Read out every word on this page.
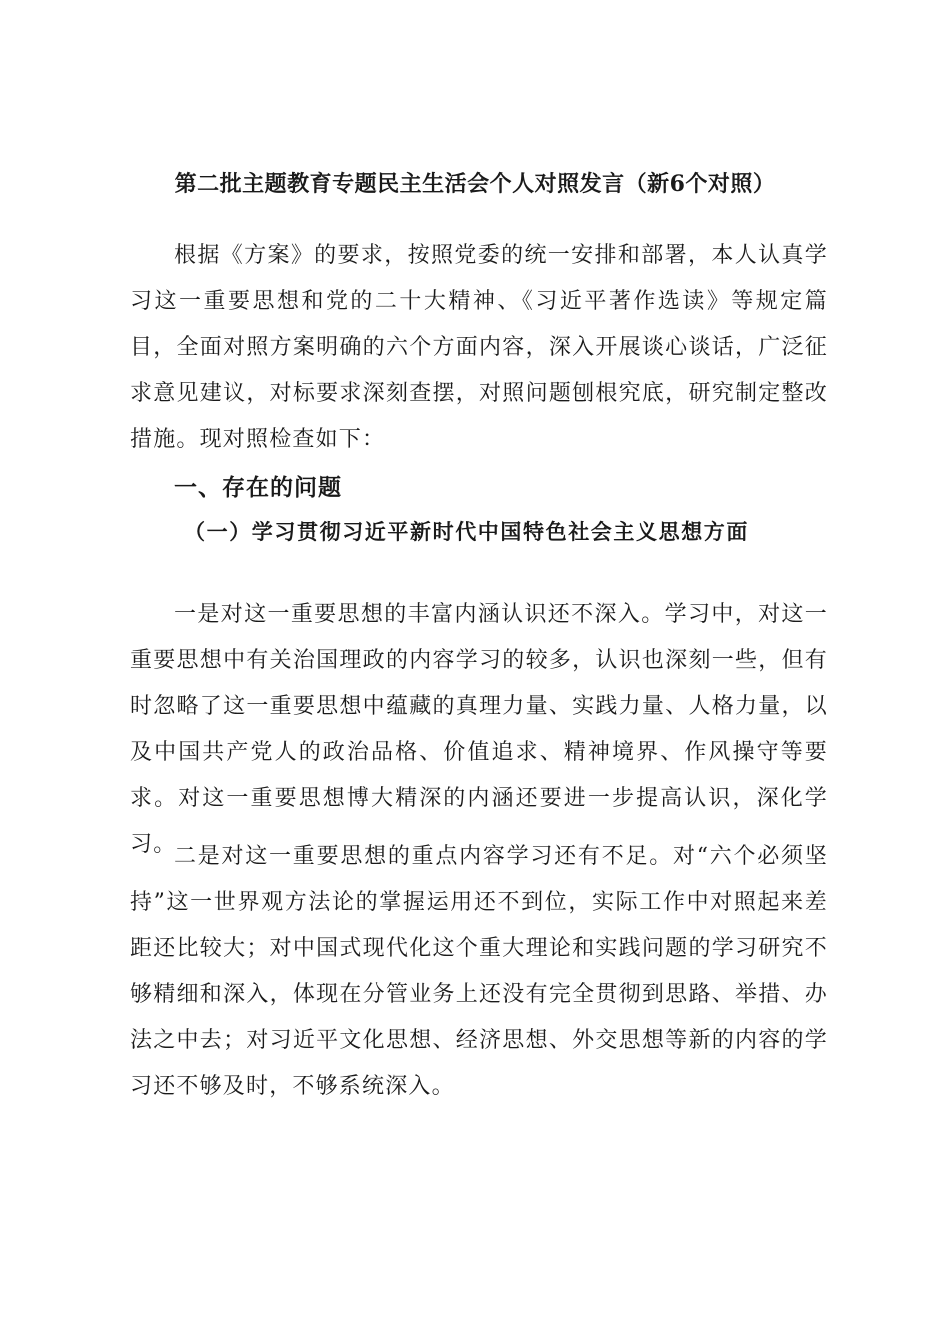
第二批主题教育专题民主生活会个人对照发言（新6个对照）

根据《方案》的要求，按照党委的统一安排和部署，本人认真学习这一重要思想和党的二十大精神、《习近平著作选读》等规定篇目，全面对照方案明确的六个方面内容，深入开展谈心谈话，广泛征求意见建议，对标要求深刻查摆，对照问题刨根究底，研究制定整改措施。现对照检查如下：

一、存在的问题
（一）学习贯彻习近平新时代中国特色社会主义思想方面

一是对这一重要思想的丰富内涵认识还不深入。学习中，对这一重要思想中有关治国理政的内容学习的较多，认识也深刻一些，但有时忽略了这一重要思想中蕴藏的真理力量、实践力量、人格力量，以及中国共产党人的政治品格、价值追求、精神境界、作风操守等要求。对这一重要思想博大精深的内涵还要进一步提高认识，深化学习。

二是对这一重要思想的重点内容学习还有不足。对“六个必须坚持”这一世界观方法论的掌握运用还不到位，实际工作中对照起来差距还比较大；对中国式现代化这个重大理论和实践问题的学习研究不够精细和深入，体现在分管业务上还没有完全贯彻到思路、举措、办法之中去；对习近平文化思想、经济思想、外交思想等新的内容的学习还不够及时，不够系统深入。
